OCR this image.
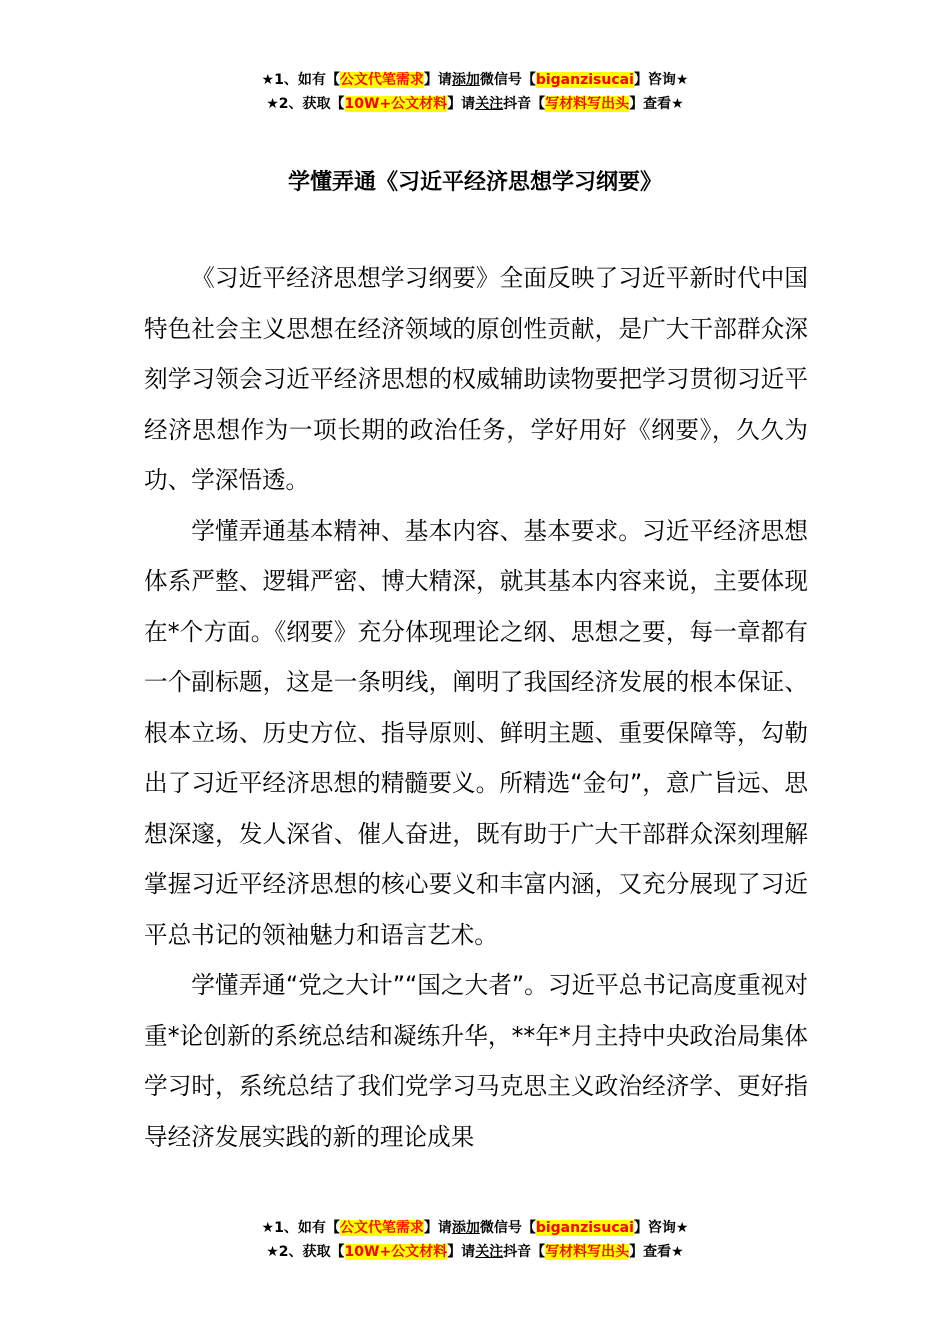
★1、如有【公文代笔需求】请添加微信号【biganzisucai】咨询★
★2、获取【10W+公文材料】请关注抖音【写材料写出头】查看★
学懂弄通《习近平经济思想学习纲要》

《习近平经济思想学习纲要》全面反映了习近平新时代中国特色社会主义思想在经济领域的原创性贡献，是广大干部群众深刻学习领会习近平经济思想的权威辅助读物要把学习贯彻习近平经济思想作为一项长期的政治任务，学好用好《纲要》，久久为功、学深悟透。

学懂弄通基本精神、基本内容、基本要求。习近平经济思想体系严整、逻辑严密、博大精深，就其基本内容来说，主要体现在*个方面。《纲要》充分体现理论之纲、思想之要，每一章都有一个副标题，这是一条明线，阐明了我国经济发展的根本保证、根本立场、历史方位、指导原则、鲜明主题、重要保障等，勾勒出了习近平经济思想的精髓要义。所精选“金句”，意广旨远、思想深邃，发人深省、催人奋进，既有助于广大干部群众深刻理解掌握习近平经济思想的核心要义和丰富内涵，又充分展现了习近平总书记的领袖魅力和语言艺术。

学懂弄通“党之大计”“国之大者”。习近平总书记高度重视对重*论创新的系统总结和凝练升华，**年*月主持中央政治局集体学习时，系统总结了我们党学习马克思主义政治经济学、更好指导经济发展实践的新的理论成果

★1、如有【公文代笔需求】请添加微信号【biganzisucai】咨询★
★2、获取【10W+公文材料】请关注抖音【写材料写出头】查看★
